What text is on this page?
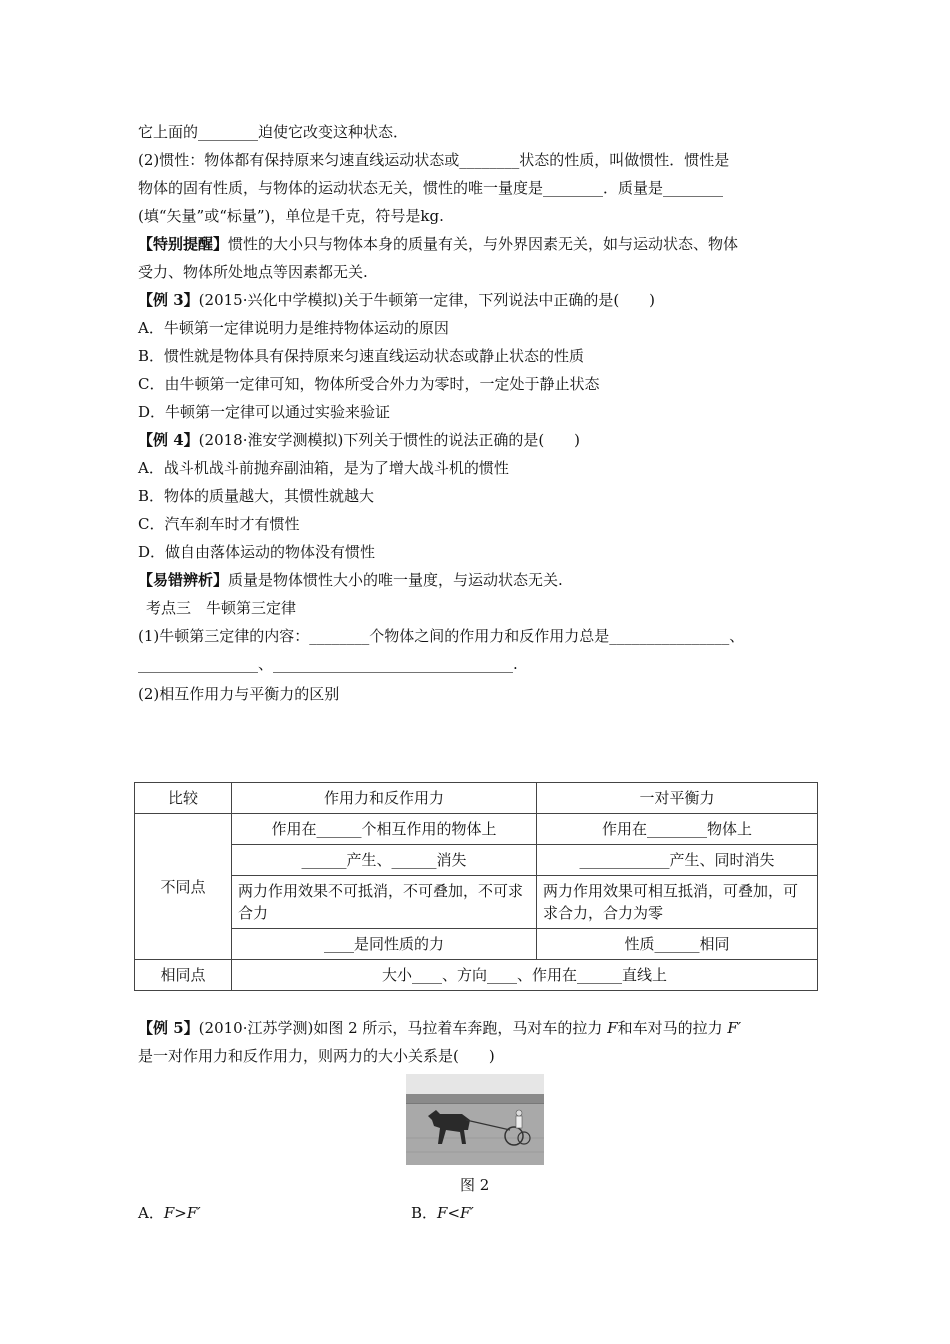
它上面的________迫使它改变这种状态．
(2)惯性：物体都有保持原来匀速直线运动状态或________状态的性质，叫做惯性．惯性是
物体的固有性质，与物体的运动状态无关，惯性的唯一量度是________．质量是________
(填“矢量”或“标量”)，单位是千克，符号是kg.
【特别提醒】惯性的大小只与物体本身的质量有关，与外界因素无关，如与运动状态、物体
受力、物体所处地点等因素都无关.
【例 3】(2015·兴化中学模拟)关于牛顿第一定律，下列说法中正确的是(　　)
A．牛顿第一定律说明力是维持物体运动的原因
B．惯性就是物体具有保持原来匀速直线运动状态或静止状态的性质
C．由牛顿第一定律可知，物体所受合外力为零时，一定处于静止状态
D．牛顿第一定律可以通过实验来验证
【例 4】(2018·淮安学测模拟)下列关于惯性的说法正确的是(　　)
A．战斗机战斗前抛弃副油箱，是为了增大战斗机的惯性
B．物体的质量越大，其惯性就越大
C．汽车刹车时才有惯性
D．做自由落体运动的物体没有惯性
【易错辨析】质量是物体惯性大小的唯一量度，与运动状态无关.
考点三　牛顿第三定律
(1)牛顿第三定律的内容：________个物体之间的作用力和反作用力总是________________、
________________、________________________________.
(2)相互作用力与平衡力的区别
比较	作用力和反作用力	一对平衡力
不同点	作用在______个相互作用的物体上	作用在________物体上
	______产生、______消失	____________产生、同时消失
	两力作用效果不可抵消，不可叠加，不可求合力	两力作用效果可相互抵消，可叠加，可求合力，合力为零
	____是同性质的力	性质______相同
相同点	大小____、方向____、作用在______直线上	
【例 5】(2010·江苏学测)如图 2 所示，马拉着车奔跑，马对车的拉力 F和车对马的拉力 F′
是一对作用力和反作用力，则两力的大小关系是(　　)
图 2
A．F>F′	B．F<F′
